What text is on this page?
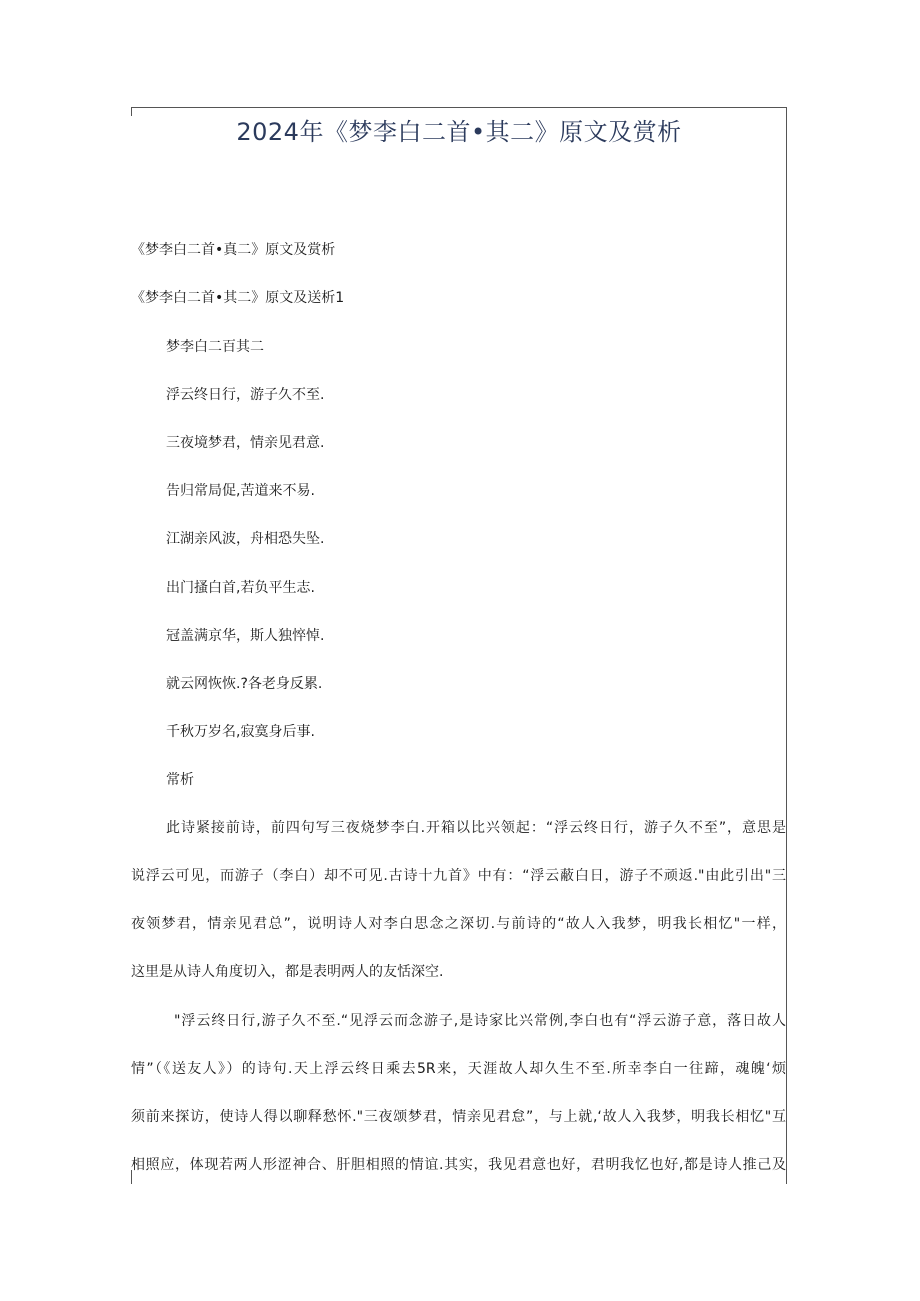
2024年《梦李白二首•其二》原文及赏析
《梦李白二首•真二》原文及赏析
《梦李白二首•其二》原文及送析1
梦李白二百其二
浮云终日行，游子久不至.
三夜境梦君，情亲见君意.
告归常局促,苦道来不易.
江湖亲风波，舟相恐失坠.
出门搔白首,若负平生志.
冠盖满京华，斯人独悴悼.
就云网恢恢.?各老身反累.
千秋万岁名,寂寞身后事.
常析
此诗紧接前诗，前四句写三夜烧梦李白.开箱以比兴领起：“浮云终日行，游子久不至”，意思是
说浮云可见，而游子（李白）却不可见.古诗十九首》中有：“浮云蔽白日，游子不顽返."由此引出"三
夜领梦君，情亲见君总”，说明诗人对李白思念之深切.与前诗的“故人入我梦，明我长相忆"一样，
这里是从诗人角度切入，都是表明两人的友恬深空.
"浮云终日行,游子久不至.“见浮云而念游子,是诗家比兴常例,李白也有“浮云游子意，落日故人
情”（《送友人》）的诗句.天上浮云终日乘去5R来，天涯故人却久生不至.所幸李白一往蹄，魂魄‘烦
须前来探访，使诗人得以聊释愁怀."三夜颂梦君，情亲见君怠”，与上就,‘故人入我梦，明我长相忆"互
相照应，体现若两人形涩神合、肝胆相照的情谊.其实，我见君意也好，君明我忆也好,都是诗人推己及
